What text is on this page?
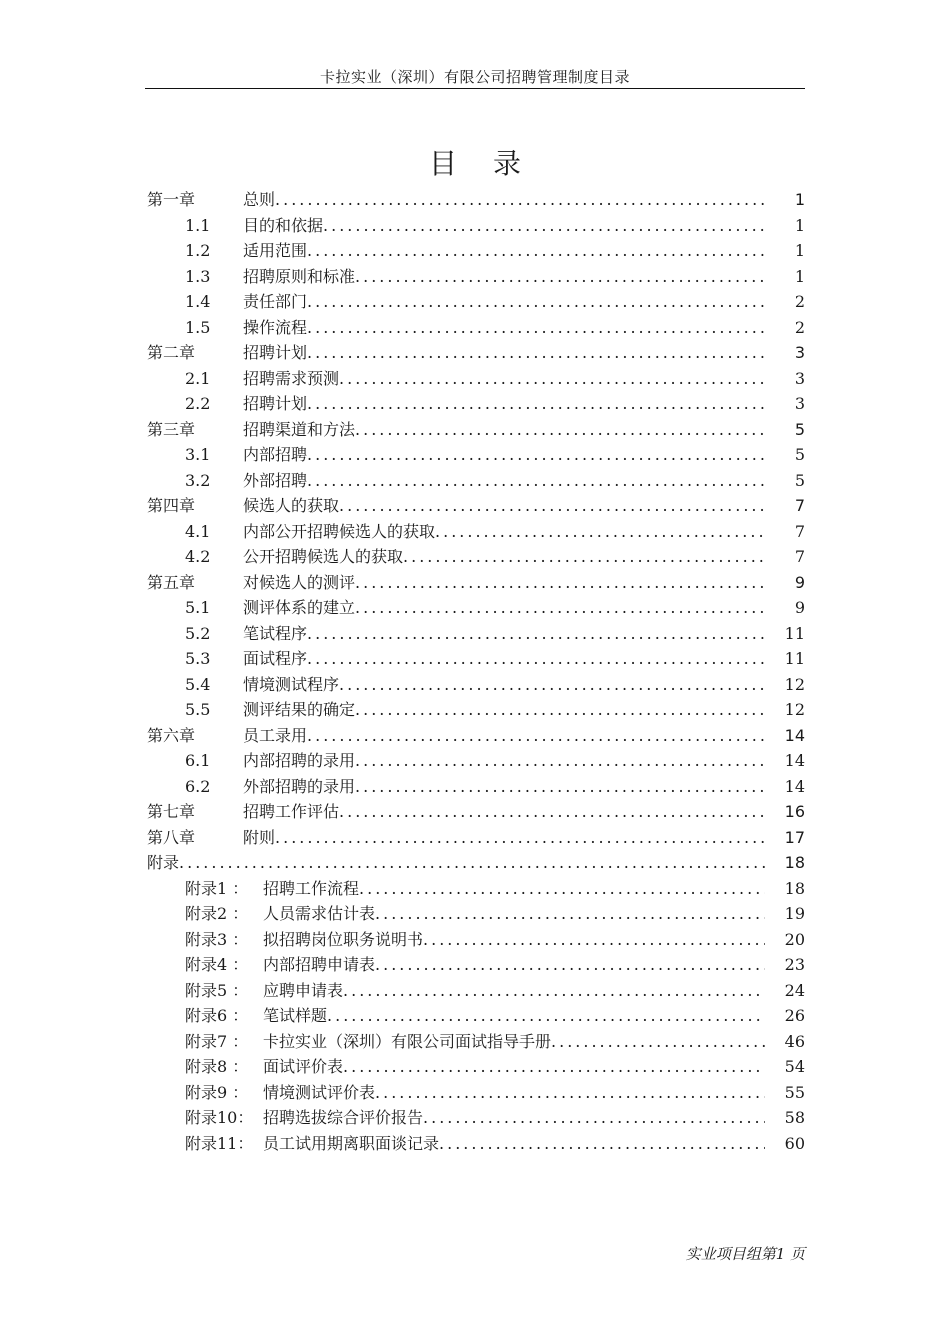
卡拉实业（深圳）有限公司招聘管理制度目录
目录
第一章	总则 .....	1
1.1	目的和依据 .....	1
1.2	适用范围 .....	1
1.3	招聘原则和标准 .....	1
1.4	责任部门 .....	2
1.5	操作流程 .....	2
第二章	招聘计划 .....	3
2.1	招聘需求预测 .....	3
2.2	招聘计划 .....	3
第三章	招聘渠道和方法 .....	5
3.1	内部招聘 .....	5
3.2	外部招聘 .....	5
第四章	候选人的获取 .....	7
4.1	内部公开招聘候选人的获取 .....	7
4.2	公开招聘候选人的获取 .....	7
第五章	对候选人的测评 .....	9
5.1	测评体系的建立 .....	9
5.2	笔试程序 .....	11
5.3	面试程序 .....	11
5.4	情境测试程序 .....	12
5.5	测评结果的确定 .....	12
第六章	员工录用 .....	14
6.1	内部招聘的录用 .....	14
6.2	外部招聘的录用 .....	14
第七章	招聘工作评估 .....	16
第八章	附则 .....	17
附录 .....	18
附录1 ： 招聘工作流程 .....	18
附录2 ： 人员需求估计表 .....	19
附录3 ： 拟招聘岗位职务说明书 .....	20
附录4 ： 内部招聘申请表 .....	23
附录5 ： 应聘申请表 .....	24
附录6 ： 笔试样题 .....	26
附录7 ： 卡拉实业（深圳）有限公司面试指导手册 .....	46
附录8 ： 面试评价表 .....	54
附录9 ： 情境测试评价表 .....	55
附录10： 招聘选拔综合评价报告 .....	58
附录11： 员工试用期离职面谈记录 .....	60
实业项目组第1 页
